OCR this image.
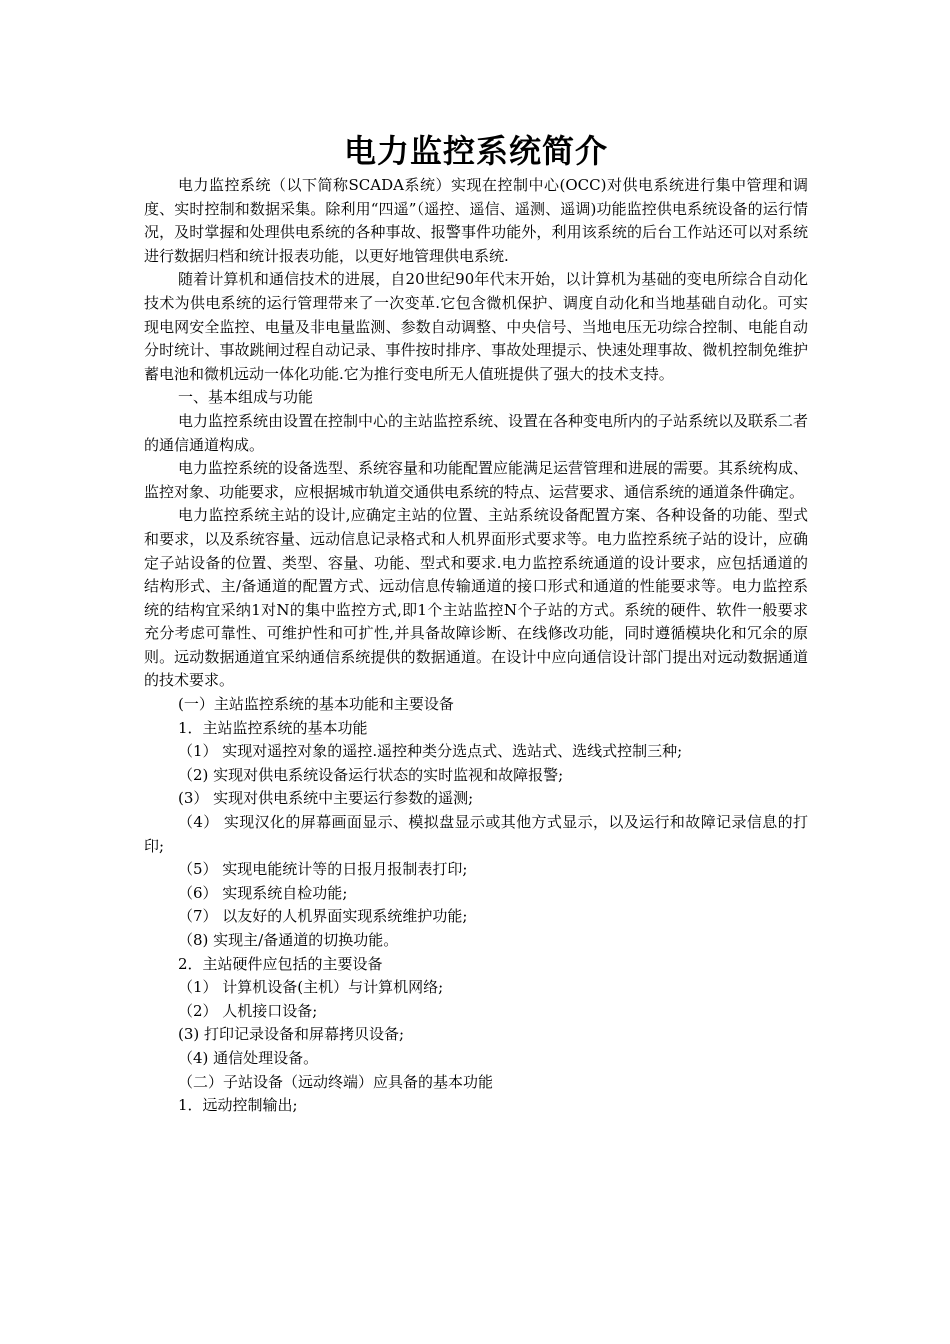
电力监控系统简介

电力监控系统（以下简称SCADA系统）实现在控制中心(OCC)对供电系统进行集中管理和调度、实时控制和数据采集。除利用“四遥”（遥控、遥信、遥测、遥调)功能监控供电系统设备的运行情况，及时掌握和处理供电系统的各种事故、报警事件功能外，利用该系统的后台工作站还可以对系统进行数据归档和统计报表功能，以更好地管理供电系统.

随着计算机和通信技术的进展，自20世纪90年代末开始，以计算机为基础的变电所综合自动化技术为供电系统的运行管理带来了一次变革.它包含微机保护、调度自动化和当地基础自动化。可实现电网安全监控、电量及非电量监测、参数自动调整、中央信号、当地电压无功综合控制、电能自动分时统计、事故跳闸过程自动记录、事件按时排序、事故处理提示、快速处理事故、微机控制免维护蓄电池和微机远动一体化功能.它为推行变电所无人值班提供了强大的技术支持。

一、基本组成与功能

电力监控系统由设置在控制中心的主站监控系统、设置在各种变电所内的子站系统以及联系二者的通信通道构成。

电力监控系统的设备选型、系统容量和功能配置应能满足运营管理和进展的需要。其系统构成、监控对象、功能要求，应根据城市轨道交通供电系统的特点、运营要求、通信系统的通道条件确定。

电力监控系统主站的设计,应确定主站的位置、主站系统设备配置方案、各种设备的功能、型式和要求，以及系统容量、远动信息记录格式和人机界面形式要求等。电力监控系统子站的设计，应确定子站设备的位置、类型、容量、功能、型式和要求.电力监控系统通道的设计要求，应包括通道的结构形式、主/备通道的配置方式、远动信息传输通道的接口形式和通道的性能要求等。电力监控系统的结构宜采纳1对N的集中监控方式,即1个主站监控N个子站的方式。系统的硬件、软件一般要求充分考虑可靠性、可维护性和可扩性,并具备故障诊断、在线修改功能，同时遵循模块化和冗余的原则。远动数据通道宜采纳通信系统提供的数据通道。在设计中应向通信设计部门提出对远动数据通道的技术要求。

(一）主站监控系统的基本功能和主要设备

1．主站监控系统的基本功能

（1） 实现对遥控对象的遥控.遥控种类分选点式、选站式、选线式控制三种;

（2) 实现对供电系统设备运行状态的实时监视和故障报警;

(3） 实现对供电系统中主要运行参数的遥测;

（4） 实现汉化的屏幕画面显示、模拟盘显示或其他方式显示，以及运行和故障记录信息的打印;

（5） 实现电能统计等的日报月报制表打印;

（6） 实现系统自检功能;

（7） 以友好的人机界面实现系统维护功能;

（8) 实现主/备通道的切换功能。

2．主站硬件应包括的主要设备

（1） 计算机设备(主机）与计算机网络;

（2） 人机接口设备;

(3) 打印记录设备和屏幕拷贝设备;

（4) 通信处理设备。

（二）子站设备（远动终端）应具备的基本功能

1．远动控制输出;
